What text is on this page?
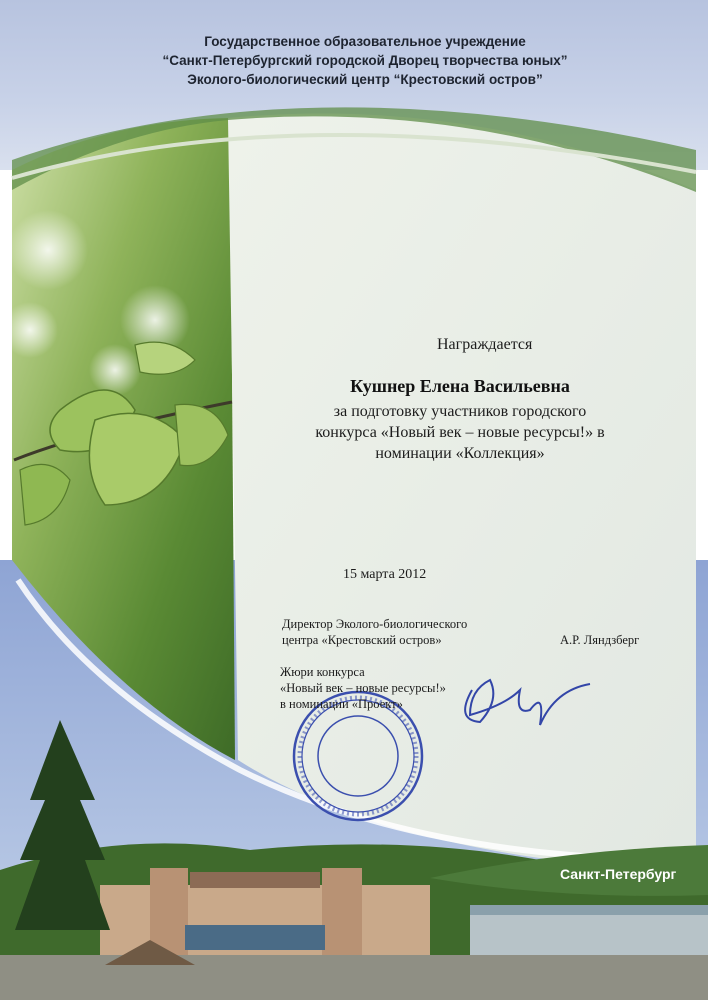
Государственное образовательное учреждение
“Санкт-Петербургский городской Дворец творчества юных”
Эколого-биологический центр “Крестовский остров”
Награждается
Кушнер Елена Васильевна
за подготовку участников городского
конкурса «Новый век – новые ресурсы!» в
номинации «Коллекция»
15 марта 2012
Директор Эколого-биологического
центра «Крестовский остров»	А.Р. Ляндзберг
Жюри конкурса
«Новый век – новые ресурсы!»
в номинации «Проект»
Санкт-Петербург
